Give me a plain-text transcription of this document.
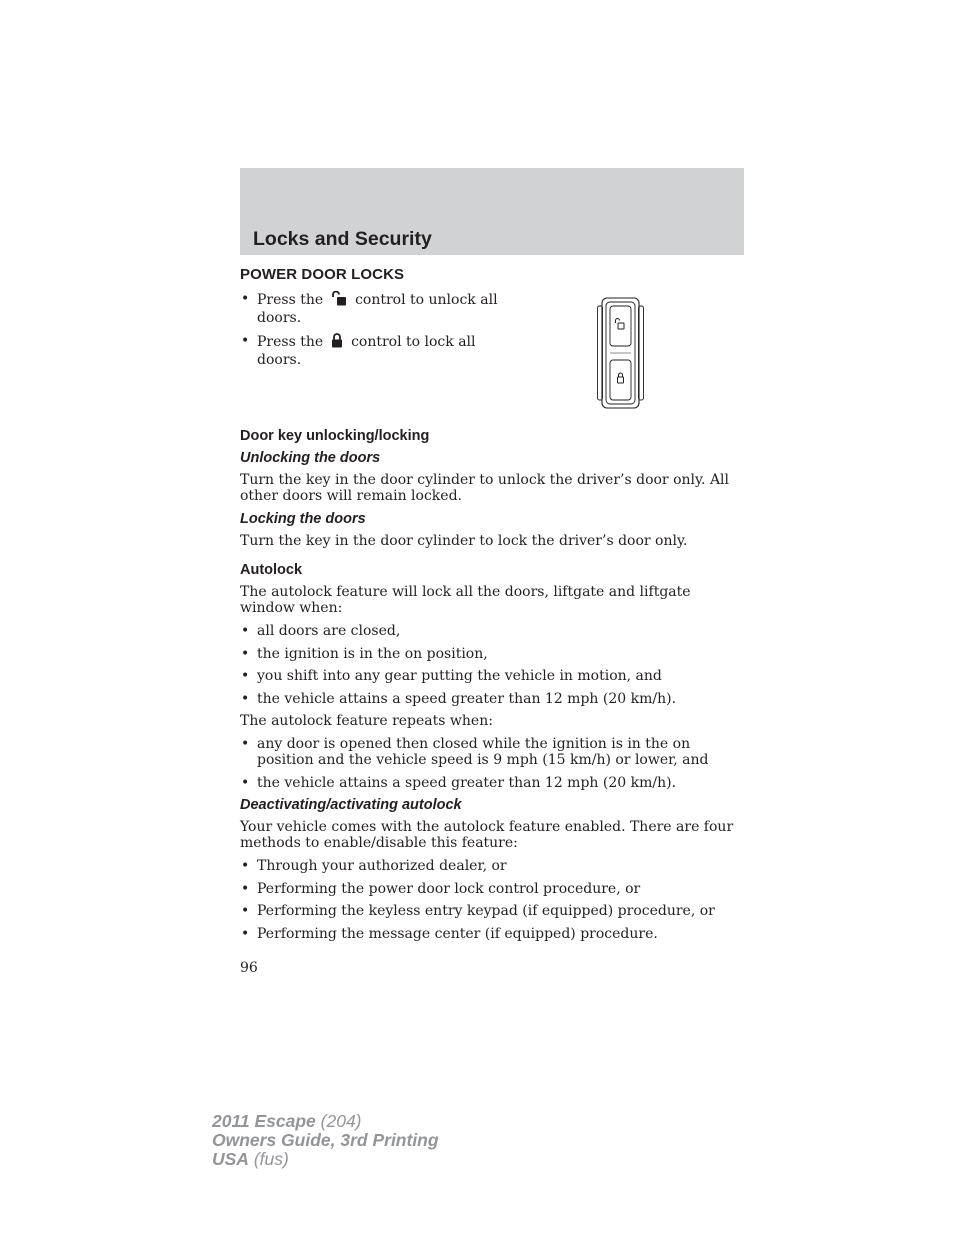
Locks and Security
POWER DOOR LOCKS
• Press the control to unlock all doors.
• Press the control to lock all doors.
Door key unlocking/locking
Unlocking the doors

Turn the key in the door cylinder to unlock the driver’s door only. All other doors will remain locked.

Locking the doors

Turn the key in the door cylinder to lock the driver’s door only.

Autolock

The autolock feature will lock all the doors, liftgate and liftgate window when:

• all doors are closed,
• the ignition is in the on position,
• you shift into any gear putting the vehicle in motion, and
• the vehicle attains a speed greater than 12 mph (20 km/h).

The autolock feature repeats when:

• any door is opened then closed while the ignition is in the on position and the vehicle speed is 9 mph (15 km/h) or lower, and
• the vehicle attains a speed greater than 12 mph (20 km/h).
Deactivating/activating autolock

Your vehicle comes with the autolock feature enabled. There are four methods to enable/disable this feature:

• Through your authorized dealer, or
• Performing the power door lock control procedure, or
• Performing the keyless entry keypad (if equipped) procedure, or
• Performing the message center (if equipped) procedure.

96

2011 Escape (204)
Owners Guide, 3rd Printing
USA (fus)
